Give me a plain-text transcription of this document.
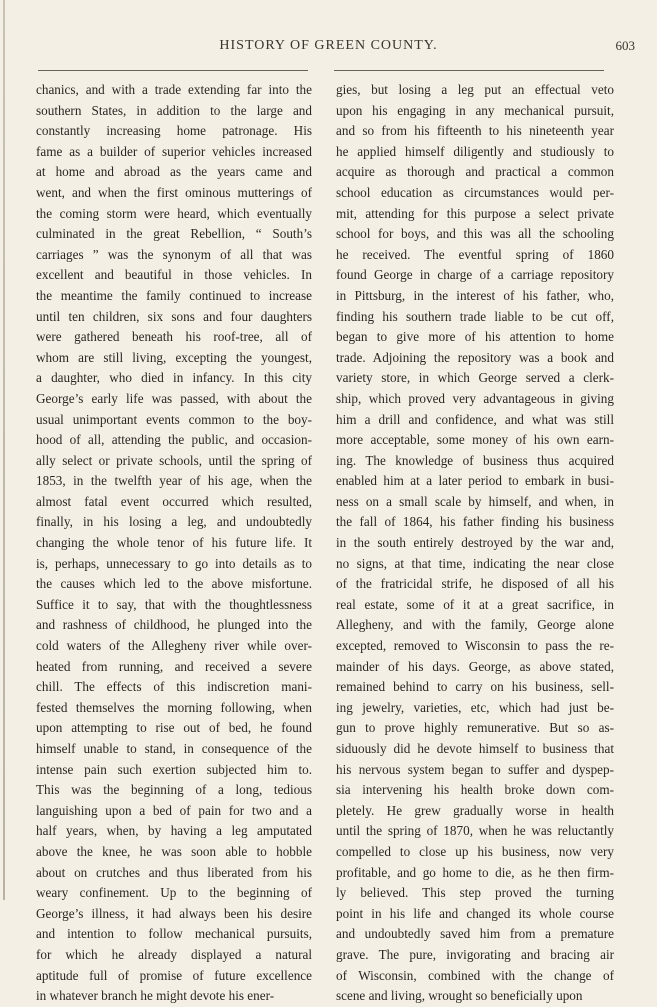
HISTORY OF GREEN COUNTY.	603
chanics, and with a trade extending far into the
southern States, in addition to the large and
constantly increasing home patronage. His
fame as a builder of superior vehicles increased
at home and abroad as the years came and
went, and when the first ominous mutterings of
the coming storm were heard, which eventually
culminated in the great Rebellion, “ South’s
carriages ” was the synonym of all that was
excellent and beautiful in those vehicles. In
the meantime the family continued to increase
until ten children, six sons and four daughters
were gathered beneath his roof-tree, all of
whom are still living, excepting the youngest,
a daughter, who died in infancy. In this city
George’s early life was passed, with about the
usual unimportant events common to the boy-
hood of all, attending the public, and occasion-
ally select or private schools, until the spring of
1853, in the twelfth year of his age, when the
almost fatal event occurred which resulted,
finally, in his losing a leg, and undoubtedly
changing the whole tenor of his future life. It
is, perhaps, unnecessary to go into details as to
the causes which led to the above misfortune.
Suffice it to say, that with the thoughtlessness
and rashness of childhood, he plunged into the
cold waters of the Allegheny river while over-
heated from running, and received a severe
chill. The effects of this indiscretion mani-
fested themselves the morning following, when
upon attempting to rise out of bed, he found
himself unable to stand, in consequence of the
intense pain such exertion subjected him to.
This was the beginning of a long, tedious
languishing upon a bed of pain for two and a
half years, when, by having a leg amputated
above the knee, he was soon able to hobble
about on crutches and thus liberated from his
weary confinement. Up to the beginning of
George’s illness, it had always been his desire
and intention to follow mechanical pursuits,
for which he already displayed a natural
aptitude full of promise of future excellence
in whatever branch he might devote his ener-
gies, but losing a leg put an effectual veto
upon his engaging in any mechanical pursuit,
and so from his fifteenth to his nineteenth year
he applied himself diligently and studiously to
acquire as thorough and practical a common
school education as circumstances would per-
mit, attending for this purpose a select private
school for boys, and this was all the schooling
he received. The eventful spring of 1860
found George in charge of a carriage repository
in Pittsburg, in the interest of his father, who,
finding his southern trade liable to be cut off,
began to give more of his attention to home
trade. Adjoining the repository was a book and
variety store, in which George served a clerk-
ship, which proved very advantageous in giving
him a drill and confidence, and what was still
more acceptable, some money of his own earn-
ing. The knowledge of business thus acquired
enabled him at a later period to embark in busi-
ness on a small scale by himself, and when, in
the fall of 1864, his father finding his business
in the south entirely destroyed by the war and,
no signs, at that time, indicating the near close
of the fratricidal strife, he disposed of all his
real estate, some of it at a great sacrifice, in
Allegheny, and with the family, George alone
excepted, removed to Wisconsin to pass the re-
mainder of his days. George, as above stated,
remained behind to carry on his business, sell-
ing jewelry, varieties, etc, which had just be-
gun to prove highly remunerative. But so as-
siduously did he devote himself to business that
his nervous system began to suffer and dyspep-
sia intervening his health broke down com-
pletely. He grew gradually worse in health
until the spring of 1870, when he was reluctantly
compelled to close up his business, now very
profitable, and go home to die, as he then firm-
ly believed. This step proved the turning
point in his life and changed its whole course
and undoubtedly saved him from a premature
grave. The pure, invigorating and bracing air
of Wisconsin, combined with the change of
scene and living, wrought so beneficially upon
